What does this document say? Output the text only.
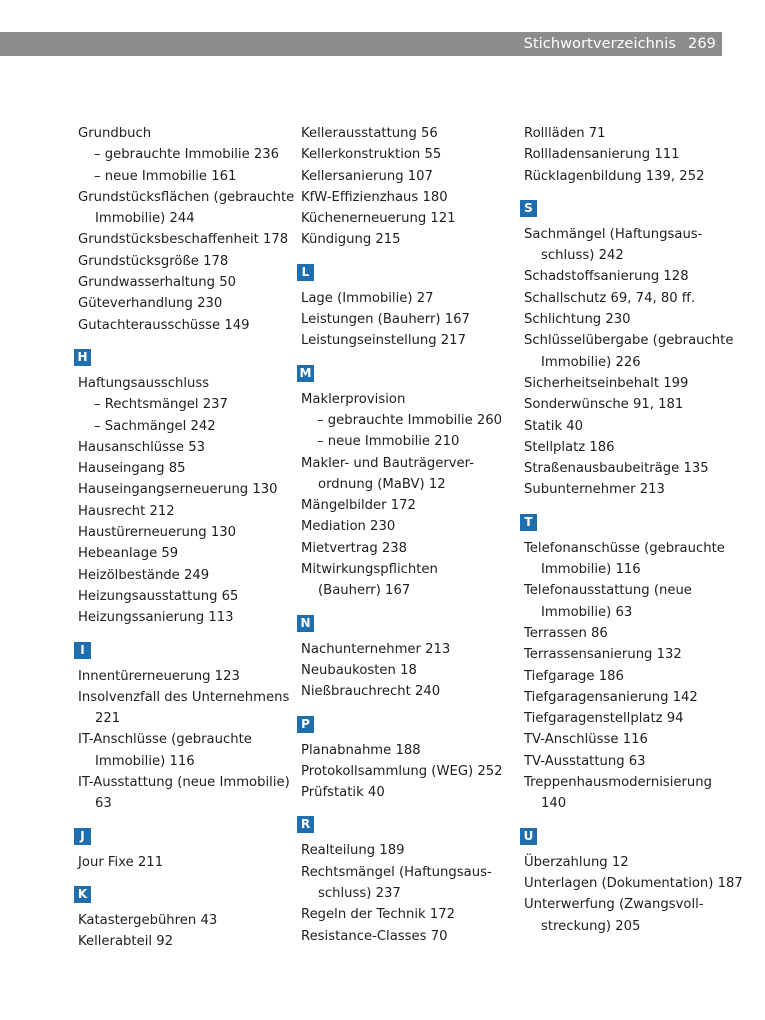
Stichwortverzeichnis 269
Grundbuch
– gebrauchte Immobilie 236
– neue Immobilie 161
Grundstücksflächen (gebrauchte
Immobilie) 244
Grundstücksbeschaffenheit 178
Grundstücksgröße 178
Grundwasserhaltung 50
Güteverhandlung 230
Gutachterausschüsse 149
H
Haftungsausschluss
– Rechtsmängel 237
– Sachmängel 242
Hausanschlüsse 53
Hauseingang 85
Hauseingangserneuerung 130
Hausrecht 212
Haustürerneuerung 130
Hebeanlage 59
Heizölbestände 249
Heizungsausstattung 65
Heizungssanierung 113
I
Innentürerneuerung 123
Insolvenzfall des Unternehmens
221
IT-Anschlüsse (gebrauchte
Immobilie) 116
IT-Ausstattung (neue Immobilie)
63
J
Jour Fixe 211
K
Katastergebühren 43
Kellerabteil 92
Kellerausstattung 56
Kellerkonstruktion 55
Kellersanierung 107
KfW-Effizienzhaus 180
Küchenerneuerung 121
Kündigung 215
L
Lage (Immobilie) 27
Leistungen (Bauherr) 167
Leistungseinstellung 217
M
Maklerprovision
– gebrauchte Immobilie 260
– neue Immobilie 210
Makler- und Bauträgerver-
ordnung (MaBV) 12
Mängelbilder 172
Mediation 230
Mietvertrag 238
Mitwirkungspflichten
(Bauherr) 167
N
Nachunternehmer 213
Neubaukosten 18
Nießbrauchrecht 240
P
Planabnahme 188
Protokollsammlung (WEG) 252
Prüfstatik 40
R
Realteilung 189
Rechtsmängel (Haftungsaus-
schluss) 237
Regeln der Technik 172
Resistance-Classes 70
Rollläden 71
Rollladensanierung 111
Rücklagenbildung 139, 252
S
Sachmängel (Haftungsaus-
schluss) 242
Schadstoffsanierung 128
Schallschutz 69, 74, 80 ff.
Schlichtung 230
Schlüsselübergabe (gebrauchte
Immobilie) 226
Sicherheitseinbehalt 199
Sonderwünsche 91, 181
Statik 40
Stellplatz 186
Straßenausbaubeiträge 135
Subunternehmer 213
T
Telefonanschüsse (gebrauchte
Immobilie) 116
Telefonausstattung (neue
Immobilie) 63
Terrassen 86
Terrassensanierung 132
Tiefgarage 186
Tiefgaragensanierung 142
Tiefgaragenstellplatz 94
TV-Anschlüsse 116
TV-Ausstattung 63
Treppenhausmodernisierung
140
U
Überzahlung 12
Unterlagen (Dokumentation) 187
Unterwerfung (Zwangsvoll-
streckung) 205
